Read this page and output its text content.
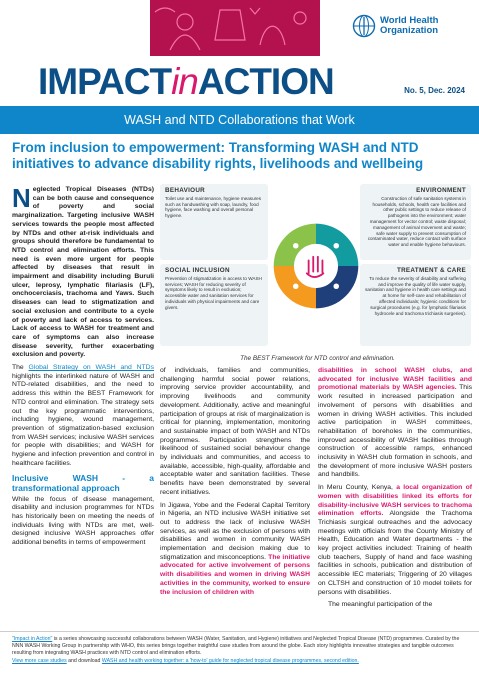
World Health
Organization
IMPACTinACTION	No. 5, Dec. 2024
WASH and NTD Collaborations that Work
From inclusion to empowerment: Transforming WASH and NTD initiatives to advance disability rights, livelihoods and wellbeing

Neglected Tropical Diseases (NTDs) can be both cause and consequence of poverty and social marginalization. Targeting inclusive WASH services towards the people most affected by NTDs and other at-risk individuals and groups should therefore be fundamental to NTD control and elimination efforts. This need is even more urgent for people affected by diseases that result in impairment and disability including Buruli ulcer, leprosy, lymphatic filariasis (LF), onchocerciasis, trachoma and Yaws. Such diseases can lead to stigmatization and social exclusion and contribute to a cycle of poverty and lack of access to services. Lack of access to WASH for treatment and care of symptoms can also increase disease severity, further exacerbating exclusion and poverty.

The Global Strategy on WASH and NTDs highlights the interlinked nature of WASH and NTD-related disabilities, and the need to address this within the BEST Framework for NTD control and elimination. The strategy sets out the key programmatic interventions, including hygiene, wound management, prevention of stigmatization-based exclusion from WASH services; inclusive WASH services for people with disabilities; and WASH for hygiene and infection prevention and control in healthcare facilities.

Inclusive WASH - a transformational approach

While the focus of disease management, disability and inclusion programmes for NTDs has historically been on meeting the needs of individuals living with NTDs are met, well-designed inclusive WASH approaches offer additional benefits in terms of empowerment

BEHAVIOUR
Toilet use and maintenance, hygiene measures such as handwashing with soap, laundry, food hygiene, face washing and overall personal hygiene.
SOCIAL INCLUSION
Prevention of stigmatization in access to WASH services; WASH for reducing severity of symptoms likely to result in exclusion; accessible water and sanitation services for individuals with physical impairments and care givers.
ENVIRONMENT
Construction of safe sanitation systems in households, schools, health care facilities and other public settings to reduce release of pathogens into the environment; water management for vector control; waste disposal; management of animal movement and waste; safe water supply to prevent consumption of contaminated water, reduce contact with surface water and enable hygiene behaviours.
TREATMENT & CARE
To reduce the severity of disability and suffering and improve the quality of life water supply, sanitation and hygiene in health care settings and at home for self-care and rehabilitation of affected individuals; hygienic conditions for surgical procedures (e.g. for lymphatic filariasis hydrocele and trachoma trichiasis surgeries).
The BEST Framework for NTD control and elimination.

of individuals, families and communities, challenging harmful social power relations, improving service provider accountability, and improving livelihoods and community development. Additionally, active and meaningful participation of groups at risk of marginalization is critical for planning, implementation, monitoring and sustainable impact of both WASH and NTDs programmes. Participation strengthens the likelihood of sustained social behaviour change by individuals and communities, and access to available, accessible, high-quality, affordable and acceptable water and sanitation facilities. These benefits have been demonstrated by several recent initiatives.

In Jigawa, Yobe and the Federal Capital Territory in Nigeria, an NTD inclusive WASH initiative set out to address the lack of inclusive WASH services, as well as the exclusion of persons with disabilities and women in community WASH implementation and decision making due to stigmatization and misconceptions. The initiative advocated for active involvement of persons with disabilities and women in driving WASH activities in the community, worked to ensure the inclusion of children with

disabilities in school WASH clubs, and advocated for inclusive WASH facilities and promotional materials by WASH agencies. This work resulted in increased participation and involvement of persons with disabilities and women in driving WASH activities. This included active participation in WASH committees, rehabilitation of boreholes in the communities, improved accessibility of WASH facilities through construction of accessible ramps, enhanced inclusivity in WASH club formation in schools, and the development of more inclusive WASH posters and handbills.

In Meru County, Kenya, a local organization of women with disabilities linked its efforts for disability-inclusive WASH services to trachoma elimination efforts. Alongside the Trachoma Trichiasis surgical outreaches and the advocacy meetings with officials from the County Ministry of Health, Education and Water departments - the key project activities included: Training of health club teachers, Supply of hand and face washing facilities in schools, publication and distribution of accessible IEC materials; Triggering of 20 villages on CLTSH and construction of 10 model toilets for persons with disabilities.

The meaningful participation of the

"Impact in Action" is a series showcasing successful collaborations between WASH (Water, Sanitation, and Hygiene) initiatives and Neglected Tropical Disease (NTD) programmes. Curated by the NNN WASH Working Group in partnership with WHO, this series brings together insightful case studies from around the globe. Each story highlights innovative strategies and tangible outcomes resulting from integrating WASH practices with NTD control and elimination efforts.
View more case studies and download WASH and health working together: a 'how-to' guide for neglected tropical disease programmes, second edition.
